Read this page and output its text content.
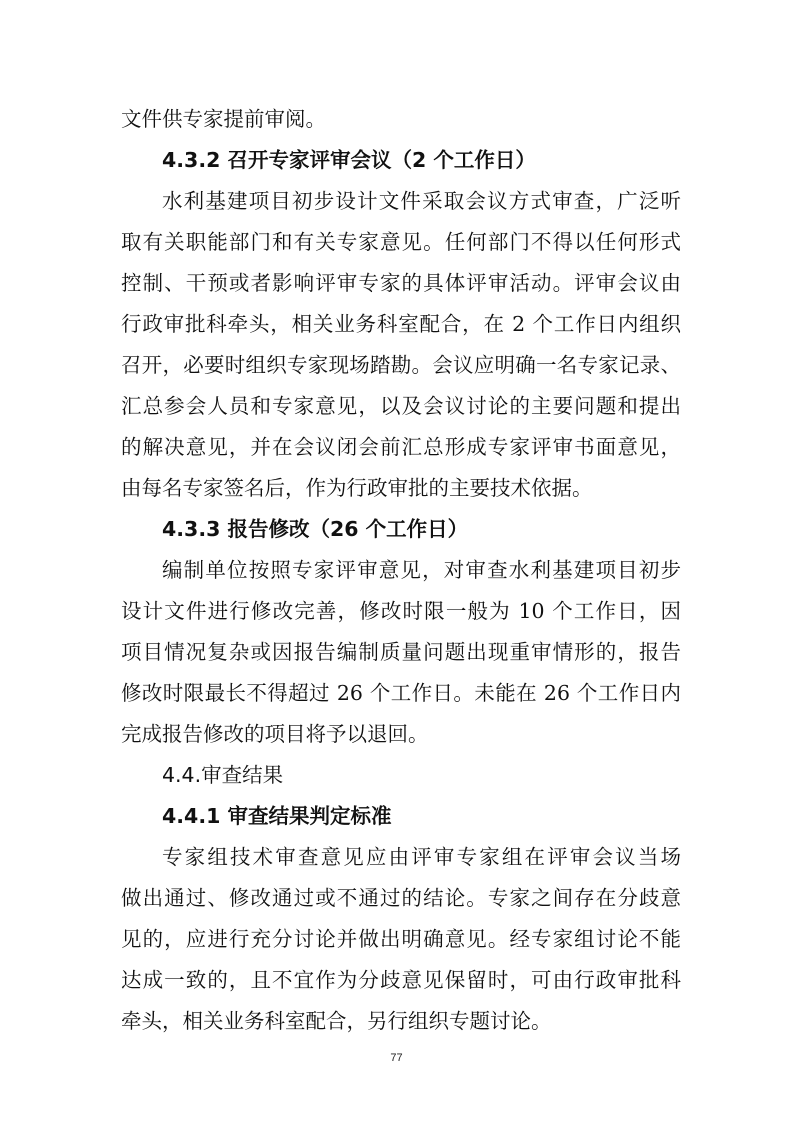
文件供专家提前审阅。
4.3.2 召开专家评审会议（2 个工作日）
水利基建项目初步设计文件采取会议方式审查，广泛听
取有关职能部门和有关专家意见。任何部门不得以任何形式
控制、干预或者影响评审专家的具体评审活动。评审会议由
行政审批科牵头，相关业务科室配合，在 2 个工作日内组织
召开，必要时组织专家现场踏勘。会议应明确一名专家记录、
汇总参会人员和专家意见，以及会议讨论的主要问题和提出
的解决意见，并在会议闭会前汇总形成专家评审书面意见，
由每名专家签名后，作为行政审批的主要技术依据。
4.3.3 报告修改（26 个工作日）
编制单位按照专家评审意见，对审查水利基建项目初步
设计文件进行修改完善，修改时限一般为 10 个工作日，因
项目情况复杂或因报告编制质量问题出现重审情形的，报告
修改时限最长不得超过 26 个工作日。未能在 26 个工作日内
完成报告修改的项目将予以退回。
4.4.审查结果
4.4.1 审查结果判定标准
专家组技术审查意见应由评审专家组在评审会议当场
做出通过、修改通过或不通过的结论。专家之间存在分歧意
见的，应进行充分讨论并做出明确意见。经专家组讨论不能
达成一致的，且不宜作为分歧意见保留时，可由行政审批科
牵头，相关业务科室配合，另行组织专题讨论。
77
